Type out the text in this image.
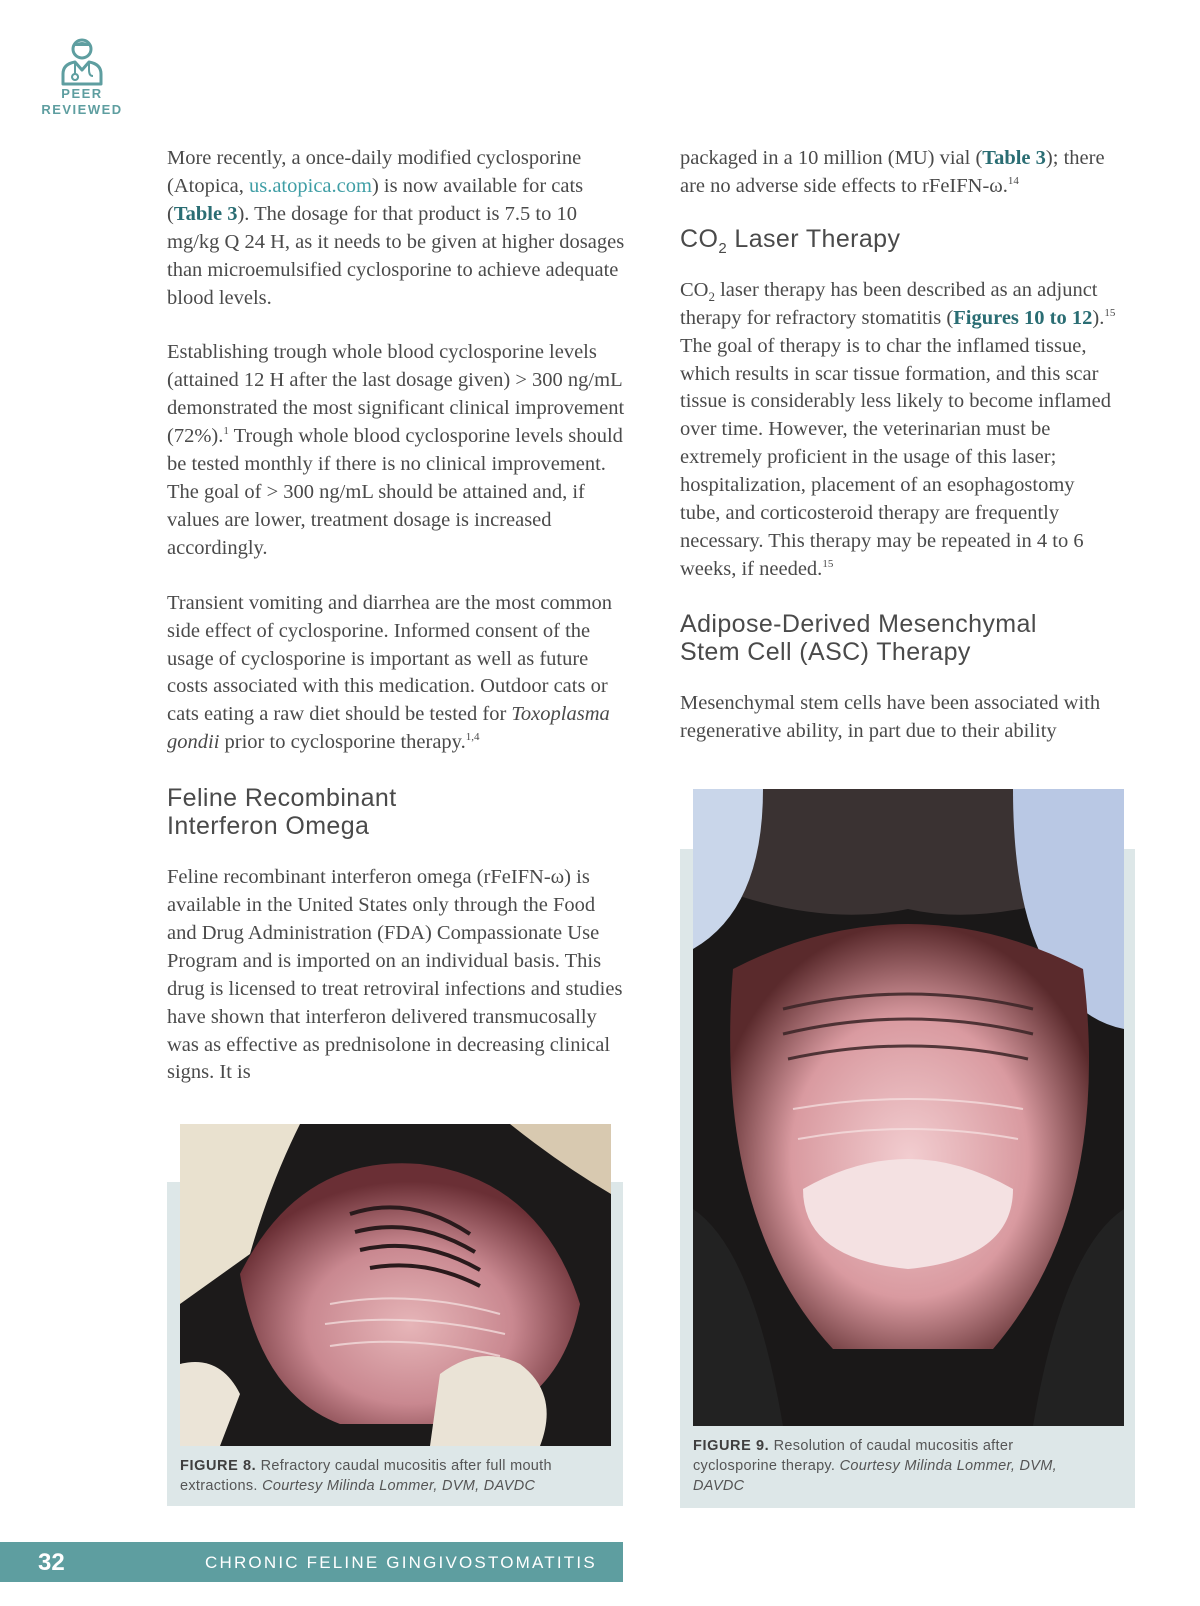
PEER
REVIEWED

More recently, a once-daily modified cyclosporine (Atopica, us.atopica.com) is now available for cats (Table 3). The dosage for that product is 7.5 to 10 mg/kg Q 24 H, as it needs to be given at higher dosages than microemulsified cyclosporine to achieve adequate blood levels.

Establishing trough whole blood cyclosporine levels (attained 12 H after the last dosage given) > 300 ng/mL demonstrated the most significant clinical improvement (72%).$^1$ Trough whole blood cyclosporine levels should be tested monthly if there is no clinical improvement. The goal of > 300 ng/mL should be attained and, if values are lower, treatment dosage is increased accordingly.

Transient vomiting and diarrhea are the most common side effect of cyclosporine. Informed consent of the usage of cyclosporine is important as well as future costs associated with this medication. Outdoor cats or cats eating a raw diet should be tested for Toxoplasma gondii prior to cyclosporine therapy.$^{1,4}$

Feline Recombinant
Interferon Omega

Feline recombinant interferon omega (rFeIFN-ω) is available in the United States only through the Food and Drug Administration (FDA) Compassionate Use Program and is imported on an individual basis. This drug is licensed to treat retroviral infections and studies have shown that interferon delivered transmucosally was as effective as prednisolone in decreasing clinical signs. It is

packaged in a 10 million (MU) vial (Table 3); there are no adverse side effects to rFeIFN-ω.$^{14}$

$CO_2$ Laser Therapy

$CO_2$ laser therapy has been described as an adjunct therapy for refractory stomatitis (Figures 10 to 12).$^{15}$ The goal of therapy is to char the inflamed tissue, which results in scar tissue formation, and this scar tissue is considerably less likely to become inflamed over time. However, the veterinarian must be extremely proficient in the usage of this laser; hospitalization, placement of an esophagostomy tube, and corticosteroid therapy are frequently necessary. This therapy may be repeated in 4 to 6 weeks, if needed.$^{15}$

Adipose-Derived Mesenchymal
Stem Cell (ASC) Therapy

Mesenchymal stem cells have been associated with regenerative ability, in part due to their ability

FIGURE 8. Refractory caudal mucositis after full mouth extractions. Courtesy Milinda Lommer, DVM, DAVDC
FIGURE 9. Resolution of caudal mucositis after cyclosporine therapy. Courtesy Milinda Lommer, DVM, DAVDC
32	CHRONIC FELINE GINGIVOSTOMATITIS
